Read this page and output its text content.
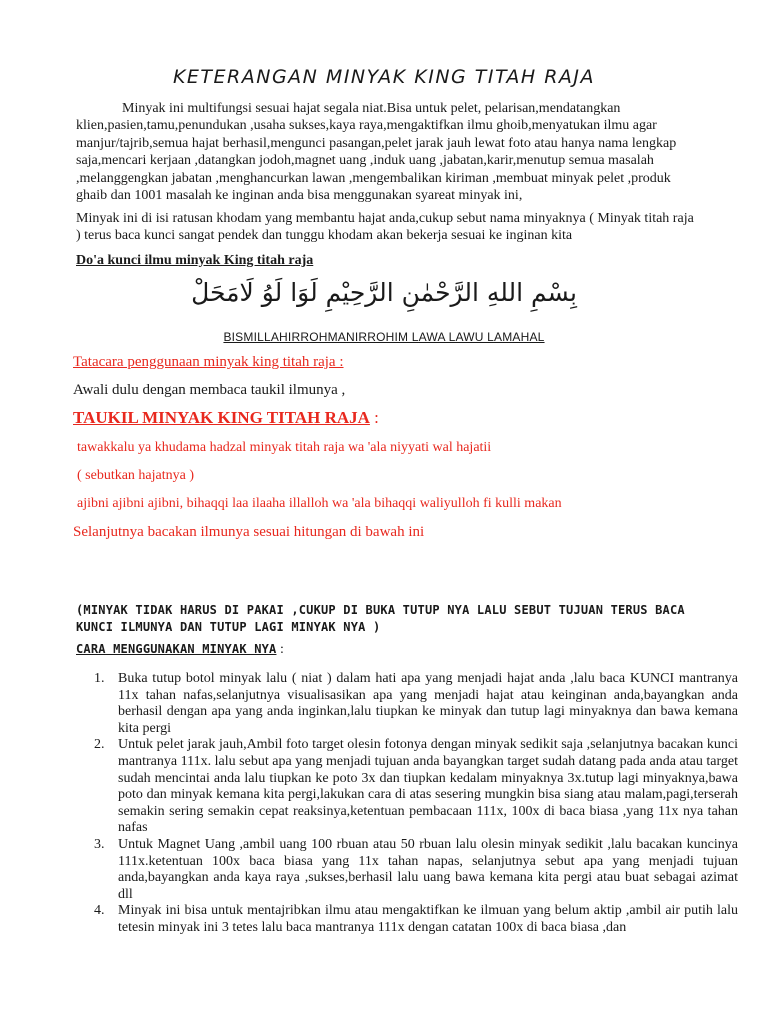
KETERANGAN MINYAK KING TITAH RAJA

Minyak ini multifungsi sesuai hajat segala niat.Bisa untuk pelet, pelarisan,mendatangkan klien,pasien,tamu,penundukan ,usaha sukses,kaya raya,mengaktifkan ilmu ghoib,menyatukan ilmu agar manjur/tajrib,semua hajat berhasil,mengunci pasangan,pelet jarak jauh lewat foto atau hanya nama lengkap saja,mencari kerjaan ,datangkan jodoh,magnet uang ,induk uang ,jabatan,karir,menutup semua masalah ,melanggengkan jabatan ,menghancurkan lawan ,mengembalikan kiriman ,membuat minyak pelet ,produk ghaib dan 1001 masalah ke inginan anda bisa menggunakan syareat minyak ini,

Minyak ini di isi ratusan khodam yang membantu hajat anda,cukup sebut nama minyaknya ( Minyak titah raja ) terus baca kunci sangat pendek dan tunggu khodam akan bekerja sesuai ke inginan kita

Do'a kunci ilmu minyak King titah raja
بِسْمِ اللهِ الرَّحْمٰنِ الرَّحِيْمِ لَوَا لَوُ لَامَحَلْ
BISMILLAHIRROHMANIRROHIM LAWA LAWU LAMAHAL
Tatacara penggunaan minyak king titah raja :
Awali dulu dengan membaca taukil ilmunya ,
TAUKIL MINYAK KING TITAH RAJA :
tawakkalu ya khudama hadzal minyak titah raja wa 'ala niyyati wal hajatii
( sebutkan hajatnya )
ajibni ajibni ajibni, bihaqqi laa ilaaha illalloh wa 'ala bihaqqi waliyulloh fi kulli makan
Selanjutnya bacakan ilmunya sesuai hitungan di bawah ini
(MINYAK TIDAK HARUS DI PAKAI ,CUKUP DI BUKA TUTUP NYA LALU SEBUT TUJUAN TERUS BACA KUNCI ILMUNYA DAN TUTUP LAGI MINYAK NYA )
CARA MENGGUNAKAN MINYAK NYA :
1. Buka tutup botol minyak lalu ( niat ) dalam hati apa yang menjadi hajat anda ,lalu baca KUNCI mantranya 11x tahan nafas,selanjutnya visualisasikan apa yang menjadi hajat atau keinginan anda,bayangkan anda berhasil dengan apa yang anda inginkan,lalu tiupkan ke minyak dan tutup lagi minyaknya dan bawa kemana kita pergi
2. Untuk pelet jarak jauh,Ambil foto target olesin fotonya dengan minyak sedikit saja ,selanjutnya bacakan kunci mantranya 111x. lalu sebut apa yang menjadi tujuan anda bayangkan target sudah datang pada anda atau target sudah mencintai anda lalu tiupkan ke poto 3x dan tiupkan kedalam minyaknya 3x.tutup lagi minyaknya,bawa poto dan minyak kemana kita pergi,lakukan cara di atas sesering mungkin bisa siang atau malam,pagi,terserah semakin sering semakin cepat reaksinya,ketentuan pembacaan 111x, 100x di baca biasa ,yang 11x nya tahan nafas
3. Untuk Magnet Uang ,ambil uang 100 rbuan atau 50 rbuan lalu olesin minyak sedikit ,lalu bacakan kuncinya 111x.ketentuan 100x baca biasa yang 11x tahan napas, selanjutnya sebut apa yang menjadi tujuan anda,bayangkan anda kaya raya ,sukses,berhasil lalu uang bawa kemana kita pergi atau buat sebagai azimat dll
4. Minyak ini bisa untuk mentajribkan ilmu atau mengaktifkan ke ilmuan yang belum aktip ,ambil air putih lalu tetesin minyak ini 3 tetes lalu baca mantranya 111x dengan catatan 100x di baca biasa ,dan
